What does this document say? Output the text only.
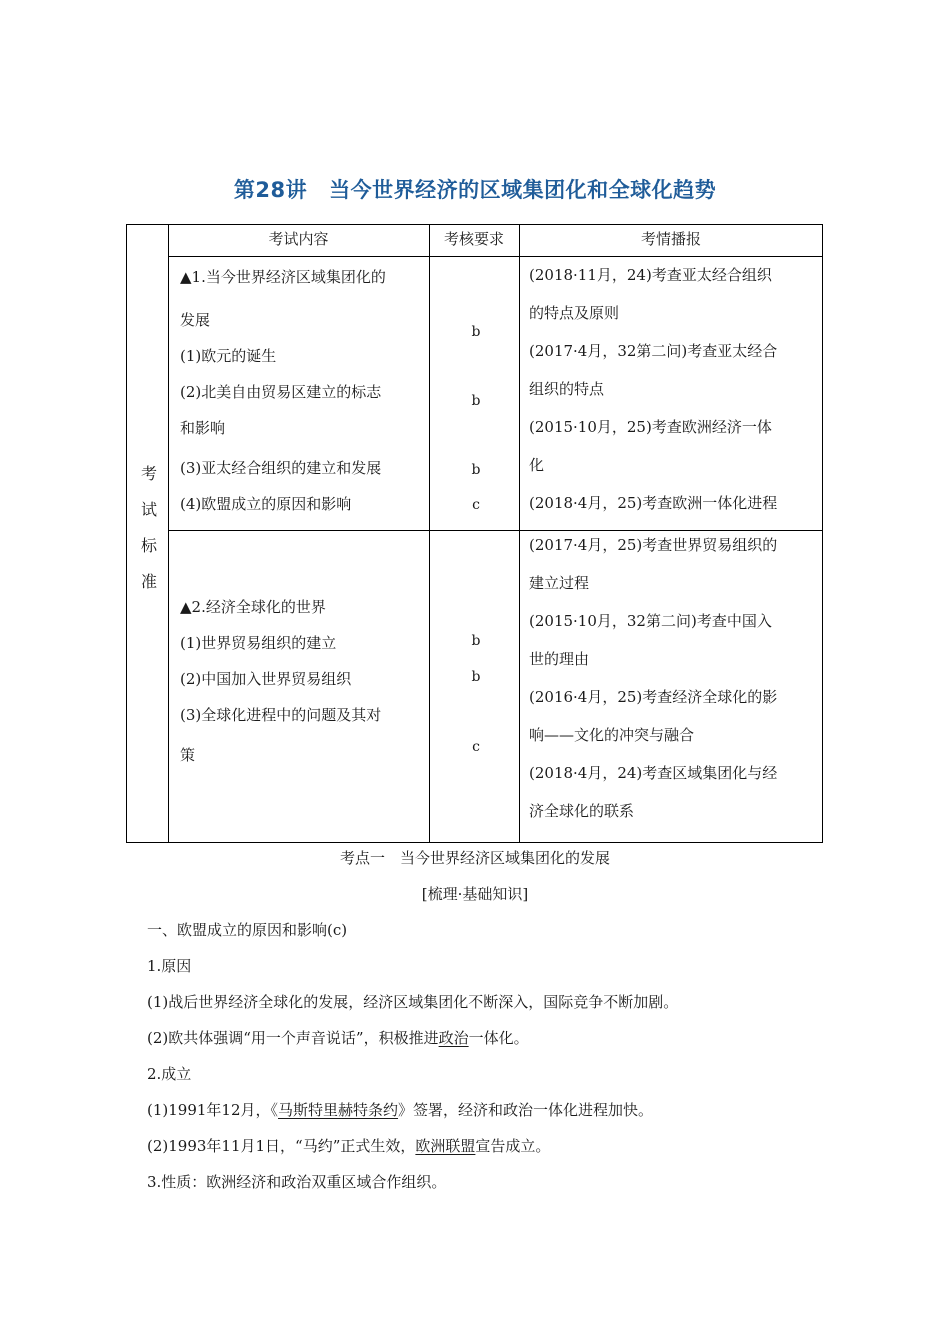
第28讲 当今世界经济的区域集团化和全球化趋势
考试内容	考核要求	考情播报
考
试
标
准
▲1.当今世界经济区域集团化的
发展
(1)欧元的诞生
(2)北美自由贸易区建立的标志
和影响
(3)亚太经合组织的建立和发展
(4)欧盟成立的原因和影响
b
b
b
c
(2018·11月，24)考查亚太经合组织
的特点及原则
(2017·4月，32第二问)考查亚太经合
组织的特点
(2015·10月，25)考查欧洲经济一体
化
(2018·4月，25)考查欧洲一体化进程
▲2.经济全球化的世界
(1)世界贸易组织的建立
(2)中国加入世界贸易组织
(3)全球化进程中的问题及其对
策
b
b
c
(2017·4月，25)考查世界贸易组织的
建立过程
(2015·10月，32第二问)考查中国入
世的理由
(2016·4月，25)考查经济全球化的影
响——文化的冲突与融合
(2018·4月，24)考查区域集团化与经
济全球化的联系
考点一　当今世界经济区域集团化的发展
[梳理·基础知识]
一、欧盟成立的原因和影响(c)
1.原因
(1)战后世界经济全球化的发展，经济区域集团化不断深入，国际竞争不断加剧。
(2)欧共体强调“用一个声音说话”，积极推进政治一体化。
2.成立
(1)1991年12月，《马斯特里赫特条约》签署，经济和政治一体化进程加快。
(2)1993年11月1日，“马约”正式生效，欧洲联盟宣告成立。
3.性质：欧洲经济和政治双重区域合作组织。
